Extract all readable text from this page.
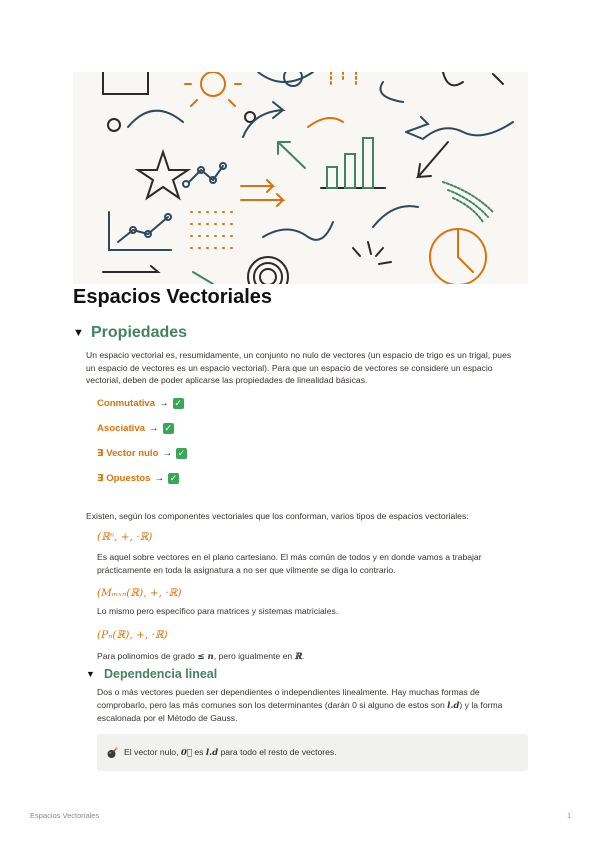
Espacios Vectoriales
▼ Propiedades
Un espacio vectorial es, resumidamente, un conjunto no nulo de vectores (un espacio de trigo es un trigal, pues un espacio de vectores es un espacio vectorial). Para que un espacio de vectores se considere un espacio vectorial, deben de poder aplicarse las propiedades de linealidad básicas.
Conmutativa → ✓
Asociativa → ✓
∃ Vector nulo → ✓
∃ Opuestos → ✓
Existen, según los componentes vectoriales que los conforman, varios tipos de espacios vectoriales:
(ℝⁿ, +, ·ℝ)
Es aquel sobre vectores en el plano cartesiano. El más común de todos y en donde vamos a trabajar prácticamente en toda la asignatura a no ser que vilmente se diga lo contrario.
(Mₘₓₙ(ℝ), +, ·ℝ)
Lo mismo pero específico para matrices y sistemas matriciales.
(Pₙ(ℝ), +, ·ℝ)
Para polinomios de grado ≤ n, pero igualmente en ℝ.
▼ Dependencia lineal
Dos o más vectores pueden ser dependientes o independientes linealmente. Hay muchas formas de comprobarlo, pero las más comunes son los determinantes (darán 0 si alguno de estos son l.d) y la forma escalonada por el Método de Gauss.
El vector nulo, 0⃗ es l.d para todo el resto de vectores.
Espacios Vectoriales	1
